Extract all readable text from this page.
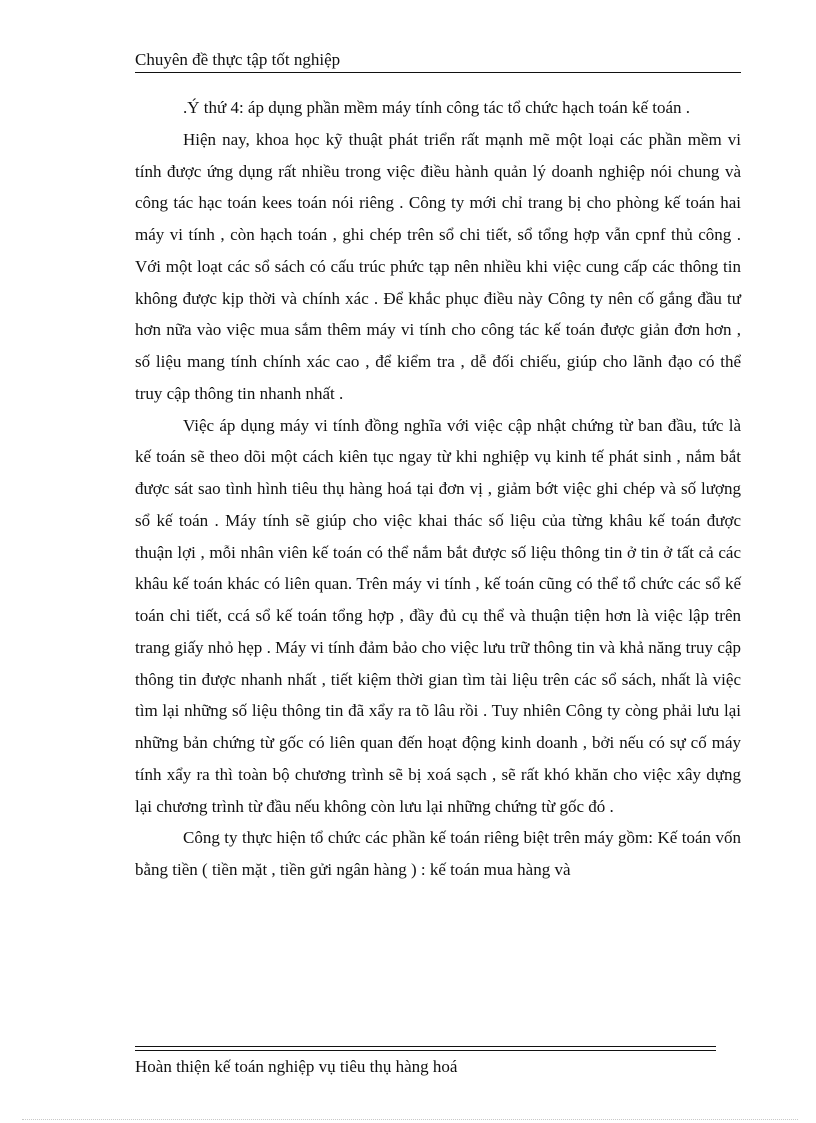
Chuyên đề thực tập tốt nghiệp

.Ý thứ 4: áp dụng phần mềm máy tính công tác tổ chức hạch toán kế toán .

Hiện nay, khoa học kỹ thuật phát triển rất mạnh mẽ một loại các phần mềm vi tính được ứng dụng rất nhiều trong việc điều hành quản lý doanh nghiệp nói chung và công tác hạc toán kees toán nói riêng . Công ty mới chỉ trang bị cho phòng kế toán hai máy vi tính , còn hạch toán , ghi chép trên sổ chi tiết, sổ tổng hợp vẫn cpnf thủ công . Với một loạt các sổ sách có cấu trúc phức tạp nên nhiều khi việc cung cấp các thông tin không được kịp thời và chính xác . Để khắc phục điều này Công ty nên cố gắng đầu tư hơn nữa vào việc mua sắm thêm máy vi tính cho công tác kế toán được giản đơn hơn , số liệu mang tính chính xác cao , để kiểm tra , dễ đối chiếu, giúp cho lãnh đạo có thể truy cập thông tin nhanh nhất .

Việc áp dụng máy vi tính đồng nghĩa với việc cập nhật chứng từ ban đầu, tức là kế toán sẽ theo dõi một cách kiên tục ngay từ khi nghiệp vụ kinh tế phát sinh , nắm bắt được sát sao tình hình tiêu thụ hàng hoá tại đơn vị , giảm bớt việc ghi chép và số lượng sổ kế toán . Máy tính sẽ giúp cho việc khai thác số liệu của từng khâu kế toán được thuận lợi , mỗi nhân viên kế toán có thể nắm bắt được số liệu thông tin ở tin ở tất cả các khâu kế toán khác có liên quan. Trên máy vi tính , kế toán cũng có thể tổ chức các sổ kế toán chi tiết, ccá sổ kế toán tổng hợp , đầy đủ cụ thể và thuận tiện hơn là việc lập trên trang giấy nhỏ hẹp . Máy vi tính đảm bảo cho việc lưu trữ thông tin và khả năng truy cập thông tin được nhanh nhất , tiết kiệm thời gian tìm tài liệu trên các sổ sách, nhất là việc tìm lại những số liệu thông tin đã xẩy ra tõ lâu rồi . Tuy nhiên Công ty còng phải lưu lại những bản chứng từ gốc có liên quan đến hoạt động kinh doanh , bởi nếu có sự cố máy tính xẩy ra thì toàn bộ chương trình sẽ bị xoá sạch , sẽ rất khó khăn cho việc xây dựng lại chương trình từ đầu nếu không còn lưu lại những chứng từ gốc đó .

Công ty thực hiện tổ chức các phần kế toán riêng biệt trên máy gồm: Kế toán vốn bằng tiền ( tiền mặt , tiền gửi ngân hàng ) : kế toán mua hàng và

Hoàn thiện kế toán nghiệp vụ tiêu thụ hàng hoá
